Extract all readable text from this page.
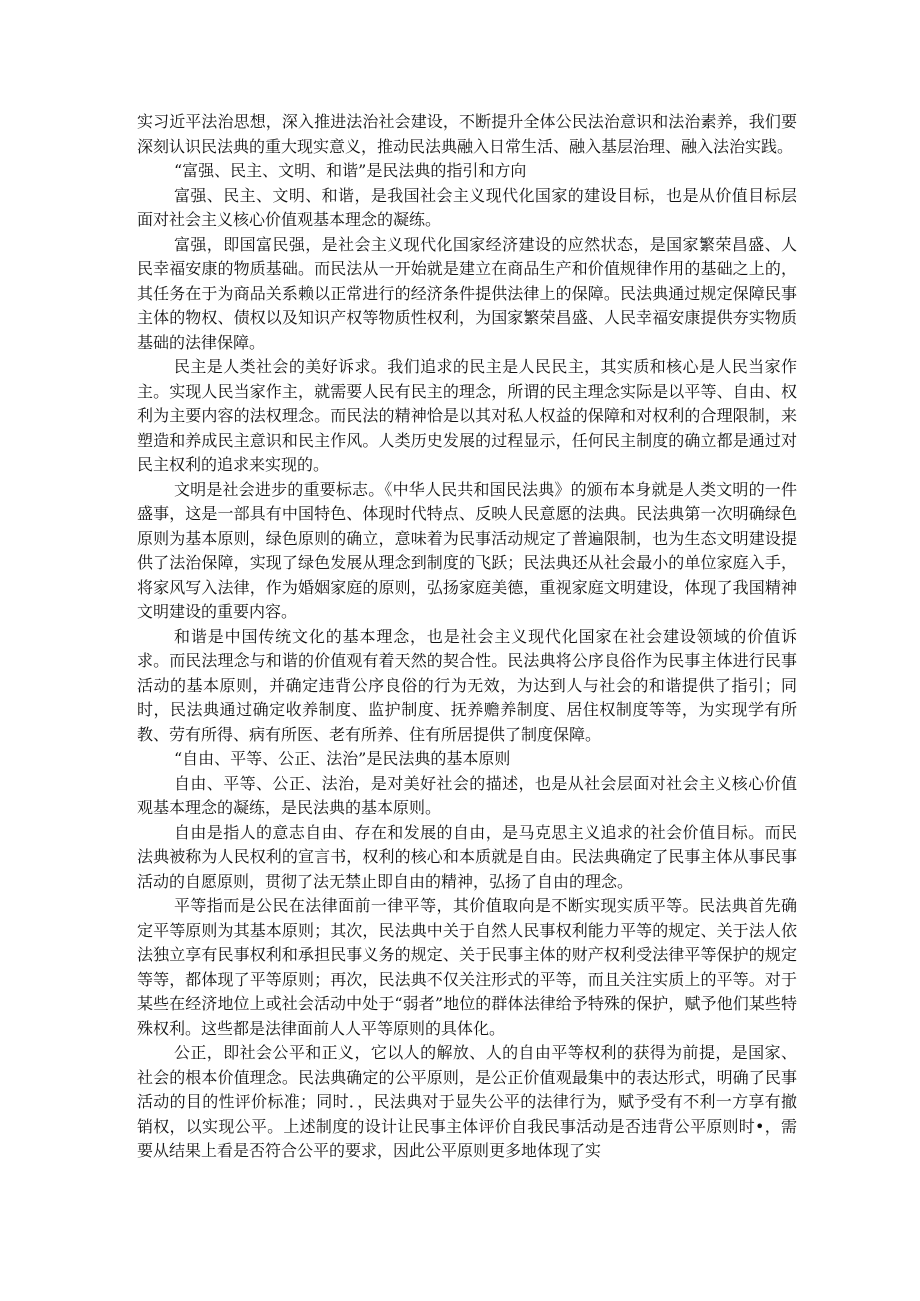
实习近平法治思想，深入推进法治社会建设，不断提升全体公民法治意识和法治素养，我们要深刻认识民法典的重大现实意义，推动民法典融入日常生活、融入基层治理、融入法治实践。

“富强、民主、文明、和谐”是民法典的指引和方向

富强、民主、文明、和谐，是我国社会主义现代化国家的建设目标，也是从价值目标层面对社会主义核心价值观基本理念的凝练。

富强，即国富民强，是社会主义现代化国家经济建设的应然状态，是国家繁荣昌盛、人民幸福安康的物质基础。而民法从一开始就是建立在商品生产和价值规律作用的基础之上的，其任务在于为商品关系赖以正常进行的经济条件提供法律上的保障。民法典通过规定保障民事主体的物权、债权以及知识产权等物质性权利，为国家繁荣昌盛、人民幸福安康提供夯实物质基础的法律保障。

民主是人类社会的美好诉求。我们追求的民主是人民民主，其实质和核心是人民当家作主。实现人民当家作主，就需要人民有民主的理念，所谓的民主理念实际是以平等、自由、权利为主要内容的法权理念。而民法的精神恰是以其对私人权益的保障和对权利的合理限制，来塑造和养成民主意识和民主作风。人类历史发展的过程显示，任何民主制度的确立都是通过对民主权利的追求来实现的。

文明是社会进步的重要标志。《中华人民共和国民法典》的颁布本身就是人类文明的一件盛事，这是一部具有中国特色、体现时代特点、反映人民意愿的法典。民法典第一次明确绿色原则为基本原则，绿色原则的确立，意味着为民事活动规定了普遍限制，也为生态文明建设提供了法治保障，实现了绿色发展从理念到制度的飞跃；民法典还从社会最小的单位家庭入手，将家风写入法律，作为婚姻家庭的原则，弘扬家庭美德，重视家庭文明建设，体现了我国精神文明建设的重要内容。

和谐是中国传统文化的基本理念，也是社会主义现代化国家在社会建设领域的价值诉求。而民法理念与和谐的价值观有着天然的契合性。民法典将公序良俗作为民事主体进行民事活动的基本原则，并确定违背公序良俗的行为无效，为达到人与社会的和谐提供了指引；同时，民法典通过确定收养制度、监护制度、抚养赡养制度、居住权制度等等，为实现学有所教、劳有所得、病有所医、老有所养、住有所居提供了制度保障。

“自由、平等、公正、法治”是民法典的基本原则

自由、平等、公正、法治，是对美好社会的描述，也是从社会层面对社会主义核心价值观基本理念的凝练，是民法典的基本原则。

自由是指人的意志自由、存在和发展的自由，是马克思主义追求的社会价值目标。而民法典被称为人民权利的宣言书，权利的核心和本质就是自由。民法典确定了民事主体从事民事活动的自愿原则，贯彻了法无禁止即自由的精神，弘扬了自由的理念。

平等指而是公民在法律面前一律平等，其价值取向是不断实现实质平等。民法典首先确定平等原则为其基本原则；其次，民法典中关于自然人民事权利能力平等的规定、关于法人依法独立享有民事权利和承担民事义务的规定、关于民事主体的财产权利受法律平等保护的规定等等，都体现了平等原则；再次，民法典不仅关注形式的平等，而且关注实质上的平等。对于某些在经济地位上或社会活动中处于“弱者”地位的群体法律给予特殊的保护，赋予他们某些特殊权利。这些都是法律面前人人平等原则的具体化。

公正，即社会公平和正义，它以人的解放、人的自由平等权利的获得为前提，是国家、社会的根本价值理念。民法典确定的公平原则，是公正价值观最集中的表达形式，明确了民事活动的目的性评价标准；同时．，民法典对于显失公平的法律行为，赋予受有不利一方享有撤销权，以实现公平。上述制度的设计让民事主体评价自我民事活动是否违背公平原则时•，需要从结果上看是否符合公平的要求，因此公平原则更多地体现了实
